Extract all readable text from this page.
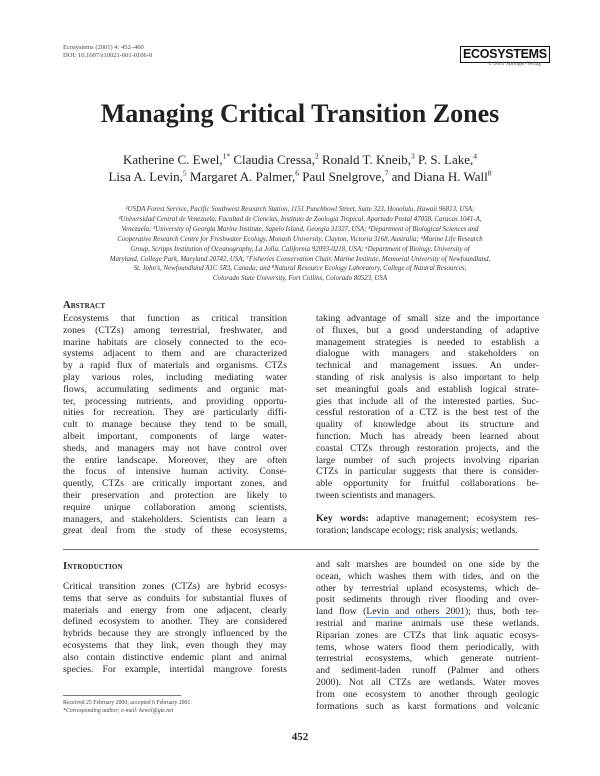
Ecosystems (2001) 4: 452–460
DOI: 10.1007/s10021-001-0106-0	ECOSYSTEMS
© 2001 Springer-Verlag
Managing Critical Transition Zones
Katherine C. Ewel,$^{1*}$ Claudia Cressa,$^2$ Ronald T. Kneib,$^3$ P. S. Lake,$^4$
Lisa A. Levin,$^5$ Margaret A. Palmer,$^6$ Paul Snelgrove,$^7$ and Diana H. Wall$^8$
¹USDA Forest Service, Pacific Southwest Research Station, 1151 Punchbowl Street, Suite 323, Honolulu, Hawaii 96813, USA;
²Universidad Central de Venezuela, Facultad de Ciencias, Instituto de Zoologia Tropical, Apartado Postal 47058, Caracas 1041-A,
Venezuela; ³University of Georgia Marine Institute, Sapelo Island, Georgia 31327, USA; ⁴Department of Biological Sciences and
Cooperative Research Centre for Freshwater Ecology, Monash University, Clayton, Victoria 3168, Australia; ⁵Marine Life Research
Group, Scripps Institution of Oceanography, La Jolla, California 92093-0218, USA; ⁶Department of Biology, University of
Maryland, College Park, Maryland 20742, USA; ⁷Fisheries Conservation Chair, Marine Institute, Memorial University of Newfoundland,
St. John's, Newfoundland A1C 5R3, Canada; and ⁸Natural Resource Ecology Laboratory, College of Natural Resources,
Colorado State University, Fort Collins, Colorado 80523, USA
Abstract
Ecosystems that function as critical transition
zones (CTZs) among terrestrial, freshwater, and
marine habitats are closely connected to the eco-
systems adjacent to them and are characterized
by a rapid flux of materials and organisms. CTZs
play various roles, including mediating water
flows, accumulating sediments and organic mat-
ter, processing nutrients, and providing opportu-
nities for recreation. They are particularly diffi-
cult to manage because they tend to be small,
albeit important, components of large water-
sheds, and managers may not have control over
the entire landscape. Moreover, they are often
the focus of intensive human activity. Conse-
quently, CTZs are critically important zones, and
their preservation and protection are likely to
require unique collaboration among scientists,
managers, and stakeholders. Scientists can learn a
great deal from the study of these ecosystems,
taking advantage of small size and the importance
of fluxes, but a good understanding of adaptive
management strategies is needed to establish a
dialogue with managers and stakeholders on
technical and management issues. An under-
standing of risk analysis is also important to help
set meaningful goals and establish logical strate-
gies that include all of the interested parties. Suc-
cessful restoration of a CTZ is the best test of the
quality of knowledge about its structure and
function. Much has already been learned about
coastal CTZs through restoration projects, and the
large number of such projects involving riparian
CTZs in particular suggests that there is consider-
able opportunity for fruitful collaborations be-
tween scientists and managers.
Key words: adaptive management; ecosystem res-
toration; landscape ecology; risk analysis; wetlands.
Introduction
Critical transition zones (CTZs) are hybrid ecosys-
tems that serve as conduits for substantial fluxes of
materials and energy from one adjacent, clearly
defined ecosystem to another. They are considered
hybrids because they are strongly influenced by the
ecosystems that they link, even though they may
also contain distinctive endemic plant and animal
species. For example, intertidal mangrove forests
and salt marshes are bounded on one side by the
ocean, which washes them with tides, and on the
other by terrestrial upland ecosystems, which de-
posit sediments through river flooding and over-
land flow (Levin and others 2001); thus, both ter-
restrial and marine animals use these wetlands.
Riparian zones are CTZs that link aquatic ecosys-
tems, whose waters flood them periodically, with
terrestrial ecosystems, which generate nutrient-
and sediment-laden runoff (Palmer and others
2000). Not all CTZs are wetlands. Water moves
from one ecosystem to another through geologic
formations such as karst formations and volcanic
Received 25 February 2000; accepted 6 February 2001.
*Corresponding author; e-mail: kewel@gte.net
452
